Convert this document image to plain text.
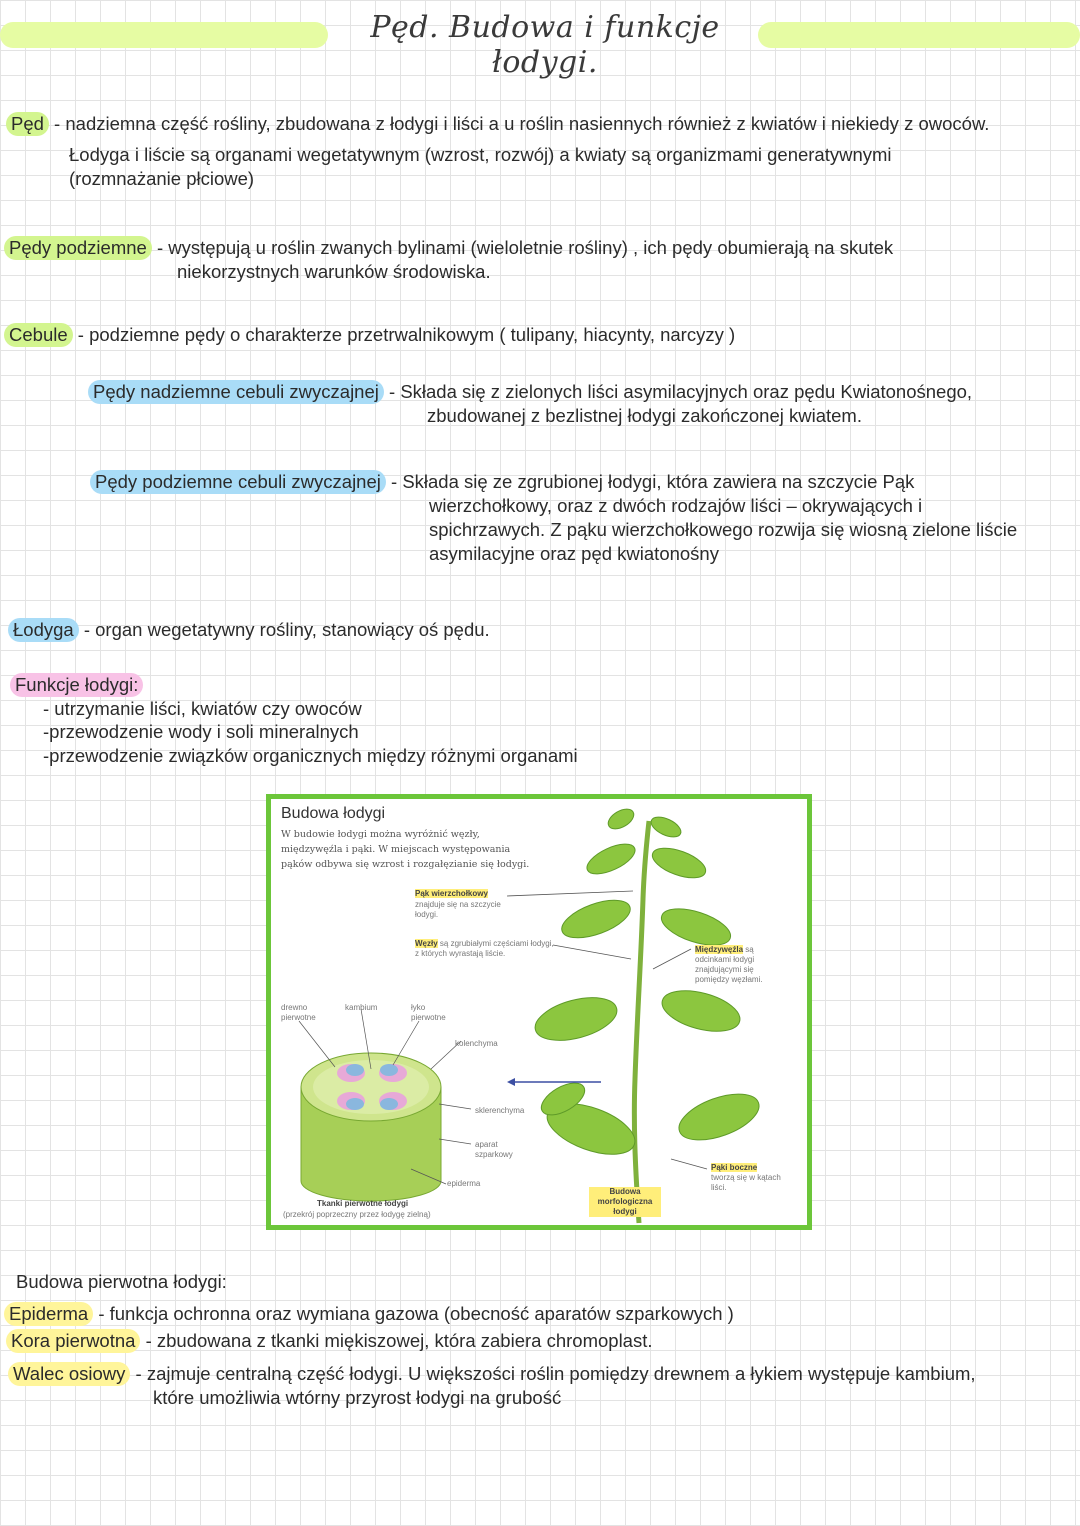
Pęd. Budowa i funkcje łodygi.
Pęd - nadziemna część rośliny, zbudowana z łodygi i liści a u roślin nasiennych również z kwiatów i niekiedy z owoców.
Łodyga i liście są organami wegetatywnym (wzrost, rozwój) a kwiaty są organizmami generatywnymi
(rozmnażanie płciowe)
Pędy podziemne - występują u roślin zwanych bylinami (wieloletnie rośliny) , ich pędy obumierają na skutek
niekorzystnych warunków środowiska.
Cebule - podziemne pędy o charakterze przetrwalnikowym ( tulipany, hiacynty, narcyzy )
Pędy nadziemne cebuli zwyczajnej - Składa się z zielonych liści asymilacyjnych oraz pędu Kwiatonośnego,
zbudowanej z bezlistnej łodygi zakończonej kwiatem.
Pędy podziemne cebuli zwyczajnej - Składa się ze zgrubionej łodygi, która zawiera na szczycie Pąk
wierzchołkowy, oraz z dwóch rodzajów liści – okrywających i
spichrzawych. Z pąku wierzchołkowego rozwija się wiosną zielone liście
asymilacyjne oraz pęd kwiatonośny
Łodyga - organ wegetatywny rośliny, stanowiący oś pędu.
Funkcje łodygi:
- utrzymanie liści, kwiatów czy owoców
-przewodzenie wody i soli mineralnych
-przewodzenie związków organicznych między różnymi organami
Budowa łodygi
W budowie łodygi można wyróżnić węzły, międzywęźla i pąki. W miejscach występowania pąków odbywa się wzrost i rozgałęzianie się łodygi.
Pąk wierzchołkowy
znajduje się na szczycie łodygi.
Węzły są zgrubiałymi częściami łodygi, z których wyrastają liście.	Międzywęźla są odcinkami łodygi znajdującymi się pomiędzy węzłami.
drewno pierwotne
kambium	łyko pierwotne
kolenchyma
sklerenchyma
aparat szparkowy
epiderma
Tkanki pierwotne łodygi
(przekrój poprzeczny przez łodygę zielną)
Budowa morfologiczna łodygi
Pąki boczne tworzą się w kątach liści.
Budowa pierwotna łodygi:
Epiderma - funkcja ochronna oraz wymiana gazowa (obecność aparatów szparkowych )
Kora pierwotna - zbudowana z tkanki miękiszowej, która zabiera chromoplast.
Walec osiowy - zajmuje centralną część łodygi. U większości roślin pomiędzy drewnem a łykiem występuje kambium,
które umożliwia wtórny przyrost łodygi na grubość
